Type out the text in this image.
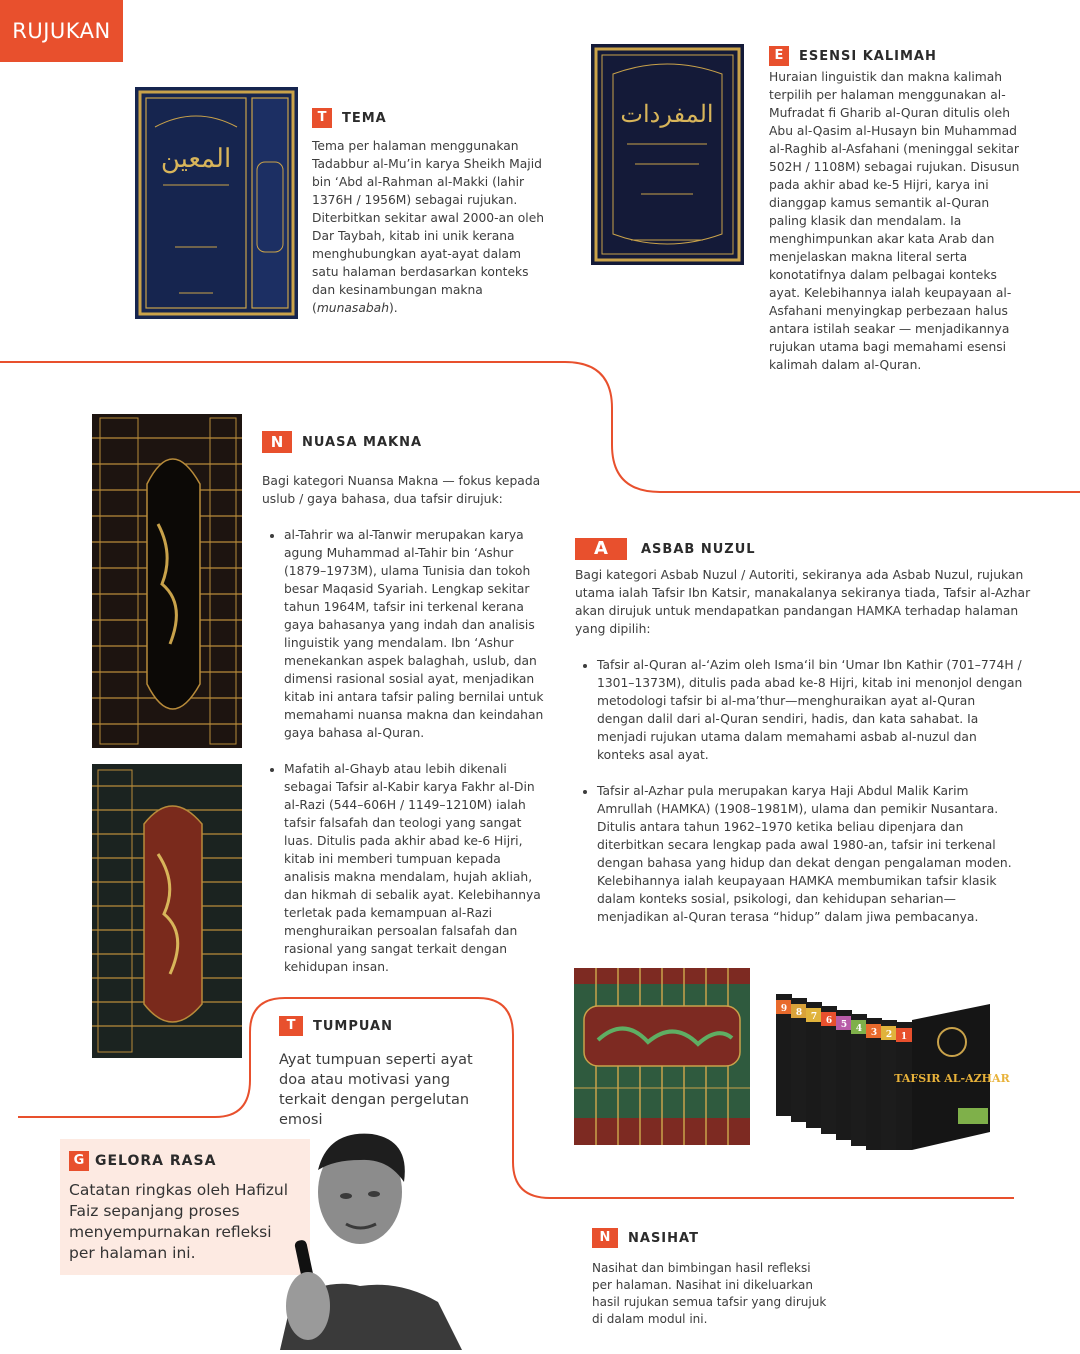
RUJUKAN
المعين
T	TEMA
Tema per halaman menggunakan Tadabbur al-Mu’in karya Sheikh Majid bin ‘Abd al-Rahman al-Makki (lahir 1376H / 1956M) sebagai rujukan. Diterbitkan sekitar awal 2000-an oleh Dar Taybah, kitab ini unik kerana menghubungkan ayat-ayat dalam satu halaman berdasarkan konteks dan kesinambungan makna (munasabah).
المفردات
E	ESENSI KALIMAH
Huraian linguistik dan makna kalimah terpilih per halaman menggunakan al-Mufradat fi Gharib al-Quran ditulis oleh Abu al-Qasim al-Husayn bin Muhammad al-Raghib al-Asfahani (meninggal sekitar 502H / 1108M) sebagai rujukan. Disusun pada akhir abad ke-5 Hijri, karya ini dianggap kamus semantik al-Quran paling klasik dan mendalam. Ia menghimpunkan akar kata Arab dan menjelaskan makna literal serta konotatifnya dalam pelbagai konteks ayat. Kelebihannya ialah keupayaan al-Asfahani menyingkap perbezaan halus antara istilah seakar — menjadikannya rujukan utama bagi memahami esensi kalimah dalam al-Quran.
N	NUASA MAKNA
Bagi kategori Nuansa Makna — fokus kepada uslub / gaya bahasa, dua tafsir dirujuk:
• al-Tahrir wa al-Tanwir merupakan karya agung Muhammad al-Tahir bin ‘Ashur (1879–1973M), ulama Tunisia dan tokoh besar Maqasid Syariah. Lengkap sekitar tahun 1964M, tafsir ini terkenal kerana gaya bahasanya yang indah dan analisis linguistik yang mendalam. Ibn ‘Ashur menekankan aspek balaghah, uslub, dan dimensi rasional sosial ayat, menjadikan kitab ini antara tafsir paling bernilai untuk memahami nuansa makna dan keindahan gaya bahasa al-Quran.
• Mafatih al-Ghayb atau lebih dikenali sebagai Tafsir al-Kabir karya Fakhr al-Din al-Razi (544–606H / 1149–1210M) ialah tafsir falsafah dan teologi yang sangat luas. Ditulis pada akhir abad ke-6 Hijri, kitab ini memberi tumpuan kepada analisis makna mendalam, hujah akliah, dan hikmah di sebalik ayat. Kelebihannya terletak pada kemampuan al-Razi menghuraikan persoalan falsafah dan rasional yang sangat terkait dengan kehidupan insan.
A	ASBAB NUZUL
Bagi kategori Asbab Nuzul / Autoriti, sekiranya ada Asbab Nuzul, rujukan utama ialah Tafsir Ibn Katsir, manakalanya sekiranya tiada, Tafsir al-Azhar akan dirujuk untuk mendapatkan pandangan HAMKA terhadap halaman yang dipilih:
• Tafsir al-Quran al-‘Azim oleh Isma‘il bin ‘Umar Ibn Kathir (701–774H / 1301–1373M), ditulis pada abad ke-8 Hijri, kitab ini menonjol dengan metodologi tafsir bi al-ma’thur—menghuraikan ayat al-Quran dengan dalil dari al-Quran sendiri, hadis, dan kata sahabat. Ia menjadi rujukan utama dalam memahami asbab al-nuzul dan konteks asal ayat.
• Tafsir al-Azhar pula merupakan karya Haji Abdul Malik Karim Amrullah (HAMKA) (1908–1981M), ulama dan pemikir Nusantara. Ditulis antara tahun 1962–1970 ketika beliau dipenjara dan diterbitkan secara lengkap pada awal 1980-an, tafsir ini terkenal dengan bahasa yang hidup dan dekat dengan pengalaman moden. Kelebihannya ialah keupayaan HAMKA membumikan tafsir klasik dalam konteks sosial, psikologi, dan kehidupan seharian—menjadikan al-Quran terasa “hidup” dalam jiwa pembacanya.
9 8 7 6 5 4 3 2 1
TAFSIR AL-AZHAR
T	TUMPUAN
Ayat tumpuan seperti ayat doa atau motivasi yang terkait dengan pergelutan emosi
G GELORA RASA
Catatan ringkas oleh Hafizul Faiz sepanjang proses menyempurnakan refleksi per halaman ini.
N	NASIHAT
Nasihat dan bimbingan hasil refleksi per halaman. Nasihat ini dikeluarkan hasil rujukan semua tafsir yang dirujuk di dalam modul ini.
